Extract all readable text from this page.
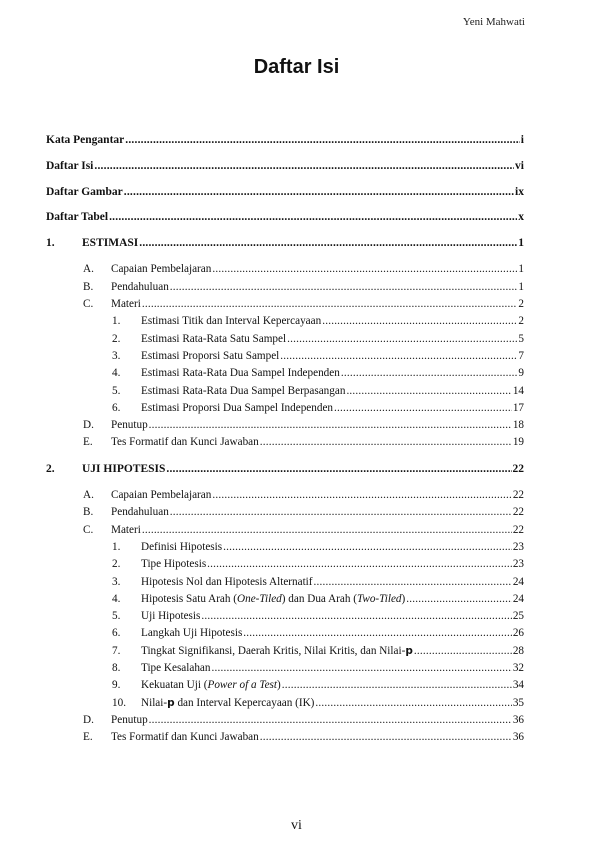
Yeni Mahwati
Daftar Isi
Kata Pengantar .....	i
Daftar Isi .....	vi
Daftar Gambar .....	ix
Daftar Tabel .....	x
1.	ESTIMASI .....	1
A.	Capaian Pembelajaran .....	1
B.	Pendahuluan .....	1
C.	Materi .....	2
1.	Estimasi Titik dan Interval Kepercayaan .....	2
2.	Estimasi Rata-Rata Satu Sampel .....	5
3.	Estimasi Proporsi Satu Sampel .....	7
4.	Estimasi Rata-Rata Dua Sampel Independen .....	9
5.	Estimasi Rata-Rata Dua Sampel Berpasangan .....	14
6.	Estimasi Proporsi Dua Sampel Independen .....	17
D.	Penutup .....	18
E.	Tes Formatif dan Kunci Jawaban .....	19
2.	UJI HIPOTESIS .....	22
A.	Capaian Pembelajaran .....	22
B.	Pendahuluan .....	22
C.	Materi .....	22
1.	Definisi Hipotesis .....	23
2.	Tipe Hipotesis .....	23
3.	Hipotesis Nol dan Hipotesis Alternatif .....	24
4.	Hipotesis Satu Arah (One-Tiled) dan Dua Arah (Two-Tiled) .....	24
5.	Uji Hipotesis .....	25
6.	Langkah Uji Hipotesis .....	26
7.	Tingkat Signifikansi, Daerah Kritis, Nilai Kritis, dan Nilai-p .....	28
8.	Tipe Kesalahan .....	32
9.	Kekuatan Uji (Power of a Test) .....	34
10.	Nilai-p dan Interval Kepercayaan (IK) .....	35
D.	Penutup .....	36
E.	Tes Formatif dan Kunci Jawaban .....	36
vi
